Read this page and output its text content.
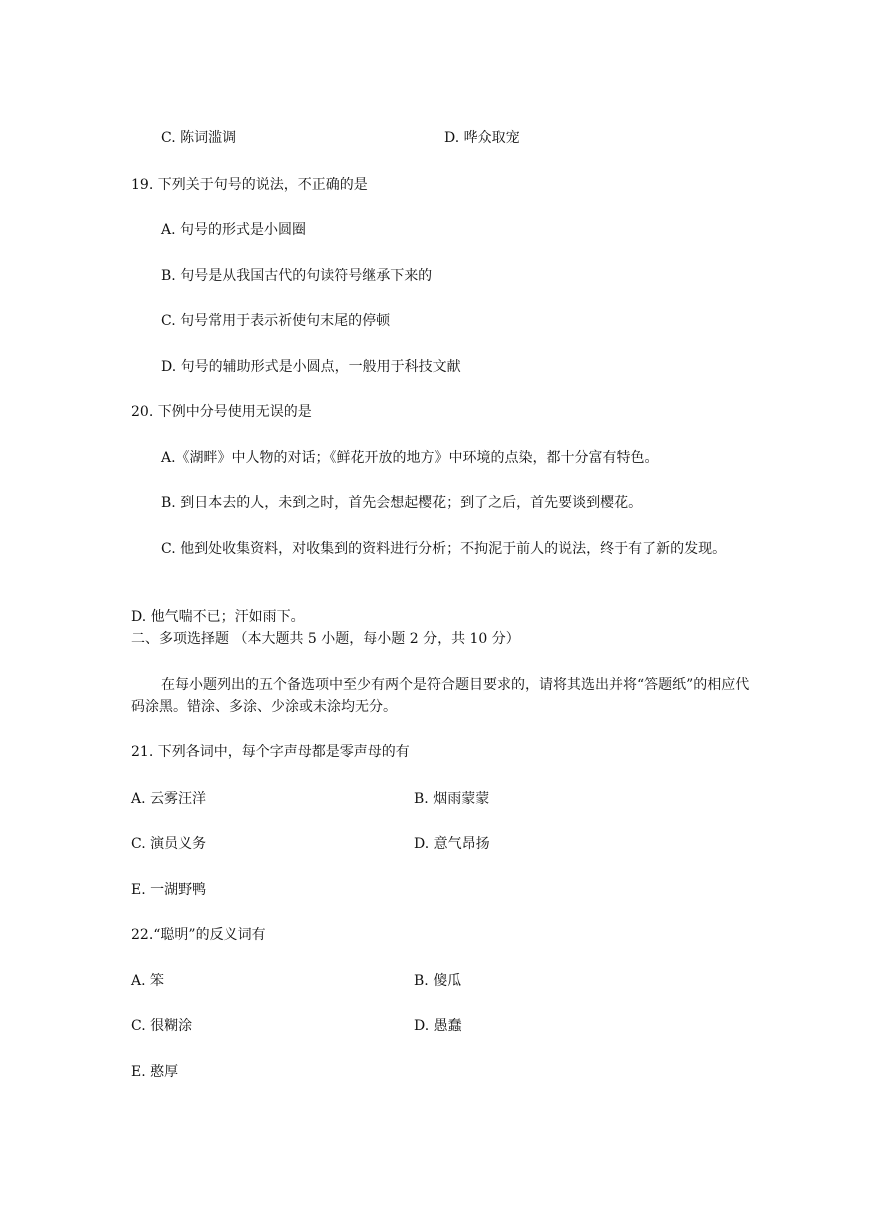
C. 陈词滥调	D. 哗众取宠
19. 下列关于句号的说法，不正确的是
A. 句号的形式是小圆圈
B. 句号是从我国古代的句读符号继承下来的
C. 句号常用于表示祈使句末尾的停顿
D. 句号的辅助形式是小圆点，一般用于科技文献
20. 下例中分号使用无误的是
A.《湖畔》中人物的对话；《鲜花开放的地方》中环境的点染，都十分富有特色。
B. 到日本去的人，未到之时，首先会想起樱花；到了之后，首先要谈到樱花。
C. 他到处收集资料，对收集到的资料进行分析；不拘泥于前人的说法，终于有了新的发现。
D. 他气喘不已；汗如雨下。
二、多项选择题 （本大题共 5 小题，每小题 2 分，共 10 分）
在每小题列出的五个备选项中至少有两个是符合题目要求的，请将其选出并将“答题纸”的相应代码涂黑。错涂、多涂、少涂或未涂均无分。
21. 下列各词中，每个字声母都是零声母的有
A. 云雾汪洋	B. 烟雨蒙蒙
C. 演员义务	D. 意气昂扬
E. 一湖野鸭
22.“聪明”的反义词有
A. 笨	B. 傻瓜
C. 很糊涂	D. 愚蠢
E. 憨厚
